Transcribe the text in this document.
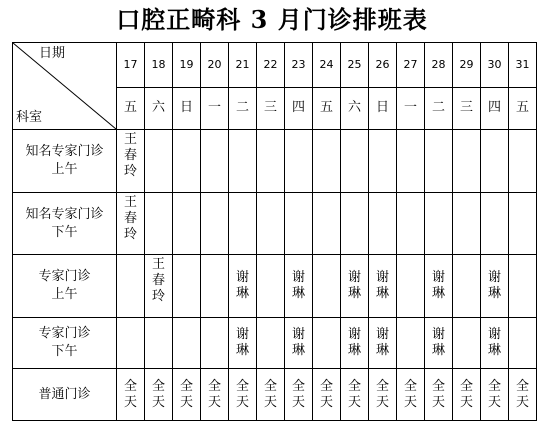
口腔正畸科 3 月门诊排班表
日期
科室	17	18	19	20	21	22	23	24	25	26	27	28	29	30	31
	五	六	日	一	二	三	四	五	六	日	一	二	三	四	五

知名专家门诊
上午	王春玲														

知名专家门诊
下午	王春玲														

专家门诊
上午		王春玲			谢琳		谢琳		谢琳	谢琳		谢琳		谢琳	

专家门诊
下午					谢琳		谢琳		谢琳	谢琳		谢琳		谢琳	

普通门诊	全天	全天	全天	全天	全天	全天	全天	全天	全天	全天	全天	全天	全天	全天	全天
